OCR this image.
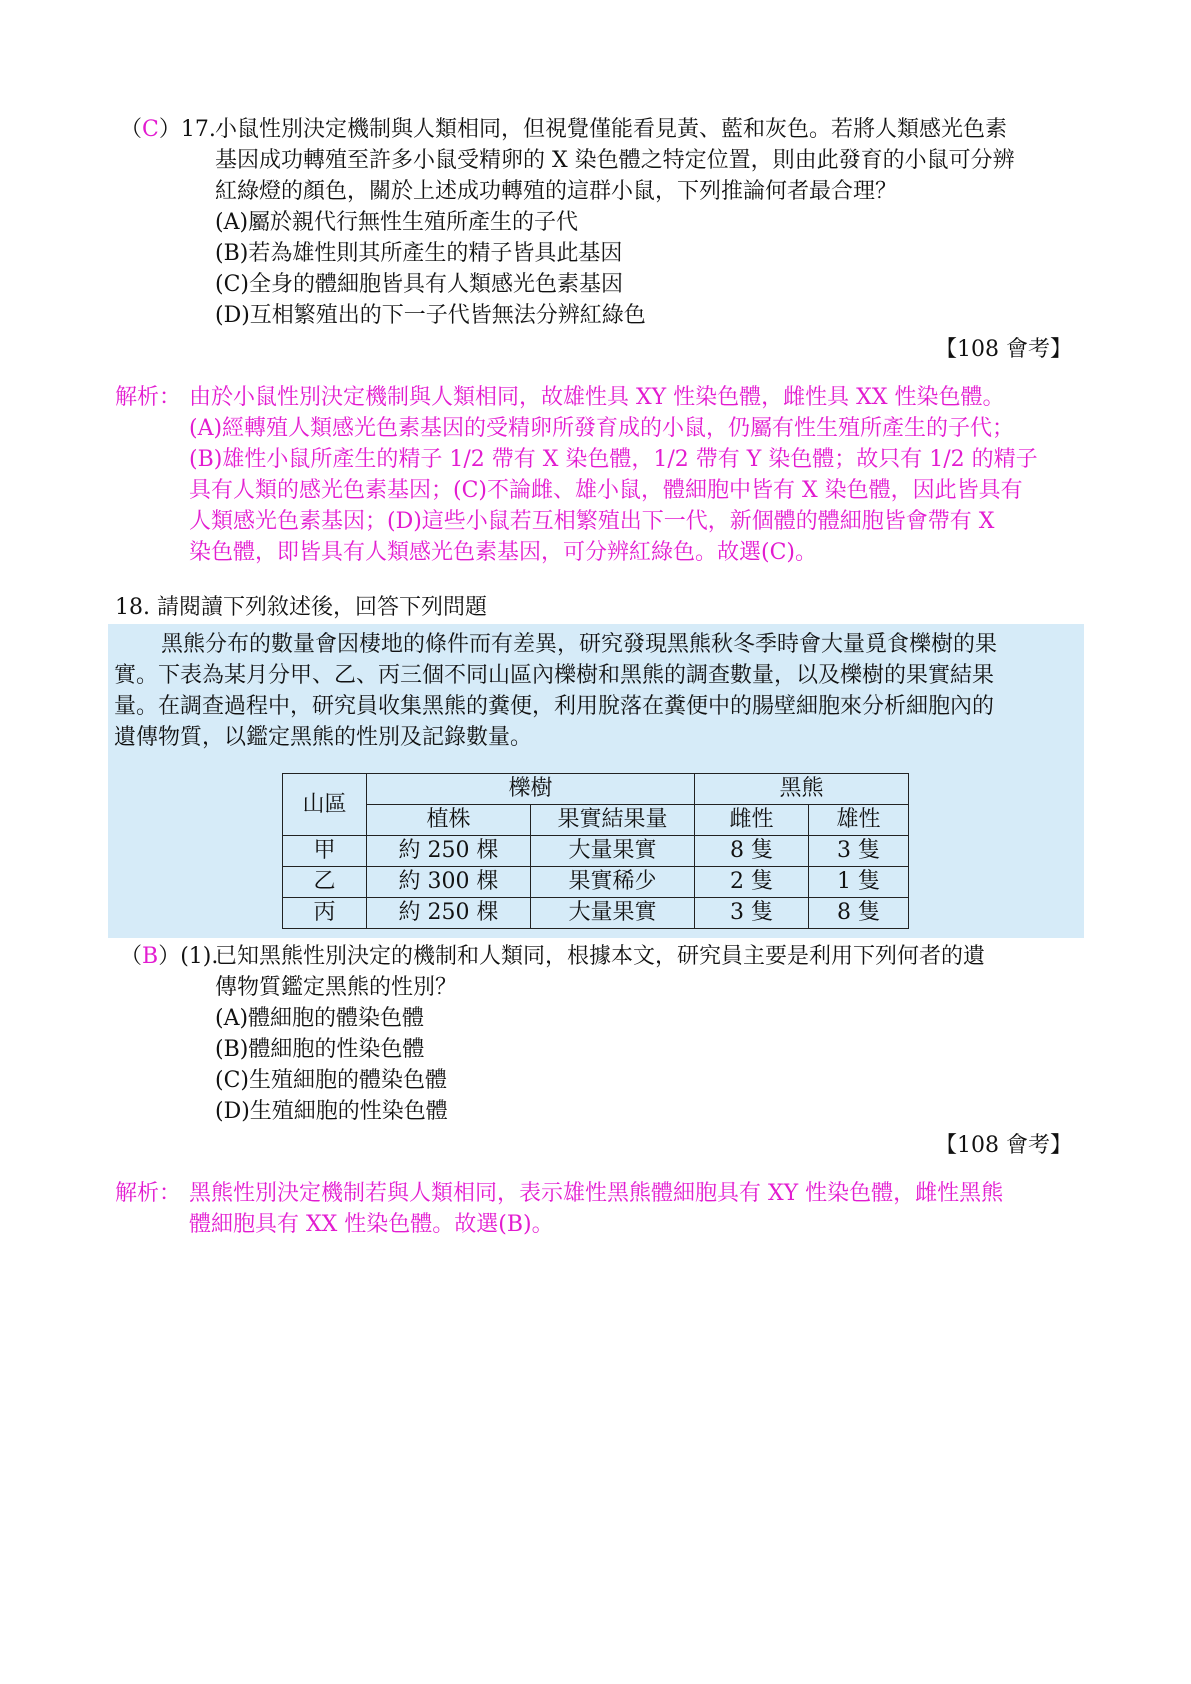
（C）17. 小鼠性別決定機制與人類相同，但視覺僅能看見黃、藍和灰色。若將人類感光色素
基因成功轉殖至許多小鼠受精卵的 X 染色體之特定位置，則由此發育的小鼠可分辨
紅綠燈的顏色，關於上述成功轉殖的這群小鼠，下列推論何者最合理？
(A)屬於親代行無性生殖所產生的子代
(B)若為雄性則其所產生的精子皆具此基因
(C)全身的體細胞皆具有人類感光色素基因
(D)互相繁殖出的下一子代皆無法分辨紅綠色
【108 會考】
解析： 由於小鼠性別決定機制與人類相同，故雄性具 XY 性染色體，雌性具 XX 性染色體。
(A)經轉殖人類感光色素基因的受精卵所發育成的小鼠，仍屬有性生殖所產生的子代；
(B)雄性小鼠所產生的精子 1/2 帶有 X 染色體，1/2 帶有 Y 染色體；故只有 1/2 的精子
具有人類的感光色素基因；(C)不論雌、雄小鼠，體細胞中皆有 X 染色體，因此皆具有
人類感光色素基因；(D)這些小鼠若互相繁殖出下一代，新個體的體細胞皆會帶有 X
染色體，即皆具有人類感光色素基因，可分辨紅綠色。故選(C)。
18. 請閱讀下列敘述後，回答下列問題
黑熊分布的數量會因棲地的條件而有差異，研究發現黑熊秋冬季時會大量覓食櫟樹的果
實。下表為某月分甲、乙、丙三個不同山區內櫟樹和黑熊的調查數量，以及櫟樹的果實結果
量。在調查過程中，研究員收集黑熊的糞便，利用脫落在糞便中的腸壁細胞來分析細胞內的
遺傳物質，以鑑定黑熊的性別及記錄數量。
山區	櫟樹		黑熊	
	植株	果實結果量	雌性	雄性
甲	約 250 棵	大量果實	8 隻	3 隻
乙	約 300 棵	果實稀少	2 隻	1 隻
丙	約 250 棵	大量果實	3 隻	8 隻
（B）(1).
已知黑熊性別決定的機制和人類同，根據本文，研究員主要是利用下列何者的遺
傳物質鑑定黑熊的性別？
(A)體細胞的體染色體
(B)體細胞的性染色體
(C)生殖細胞的體染色體
(D)生殖細胞的性染色體
【108 會考】
解析： 黑熊性別決定機制若與人類相同，表示雄性黑熊體細胞具有 XY 性染色體，雌性黑熊
體細胞具有 XX 性染色體。故選(B)。
